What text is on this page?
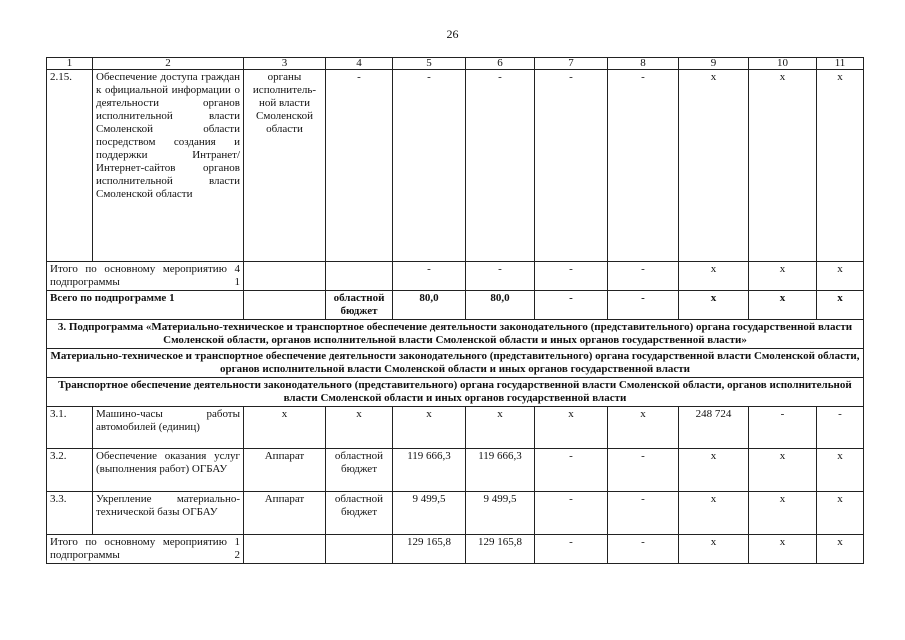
26
1	2	3	4	5	6	7	8	9	10	11
2.15.	Обеспечение доступа граждан к официальной информации о деятельности органов исполнительной власти Смоленской области посредством создания и поддержки Интранет/Интернет-сайтов органов исполнительной власти Смоленской области	органы исполнитель-ной власти Смоленской области	-	-	-	-	-	x	x	x
Итого по основному мероприятию 4 подпрограммы 1				-	-	-	-	x	x	x
Всего по подпрограмме 1			областной бюджет	80,0	80,0	-	-	x	x	x
3. Подпрограмма «Материально-техническое и транспортное обеспечение деятельности законодательного (представительного) органа государственной власти Смоленской области, органов исполнительной власти Смоленской области и иных органов государственной власти»										
Материально-техническое и транспортное обеспечение деятельности законодательного (представительного) органа государственной власти Смоленской области, органов исполнительной власти Смоленской области и иных органов государственной власти										
Транспортное обеспечение деятельности законодательного (представительного) органа государственной власти Смоленской области, органов исполнительной власти Смоленской области и иных органов государственной власти										
3.1.	Машино-часы работы автомобилей (единиц)	x	x	x	x	x	x	248 724	-	-
3.2.	Обеспечение оказания услуг (выполнения работ) ОГБАУ	Аппарат	областной бюджет	119 666,3	119 666,3	-	-	x	x	x
3.3.	Укрепление материально-технической базы ОГБАУ	Аппарат	областной бюджет	9 499,5	9 499,5	-	-	x	x	x
Итого по основному мероприятию 1 подпрограммы 2				129 165,8	129 165,8	-	-	x	x	x
